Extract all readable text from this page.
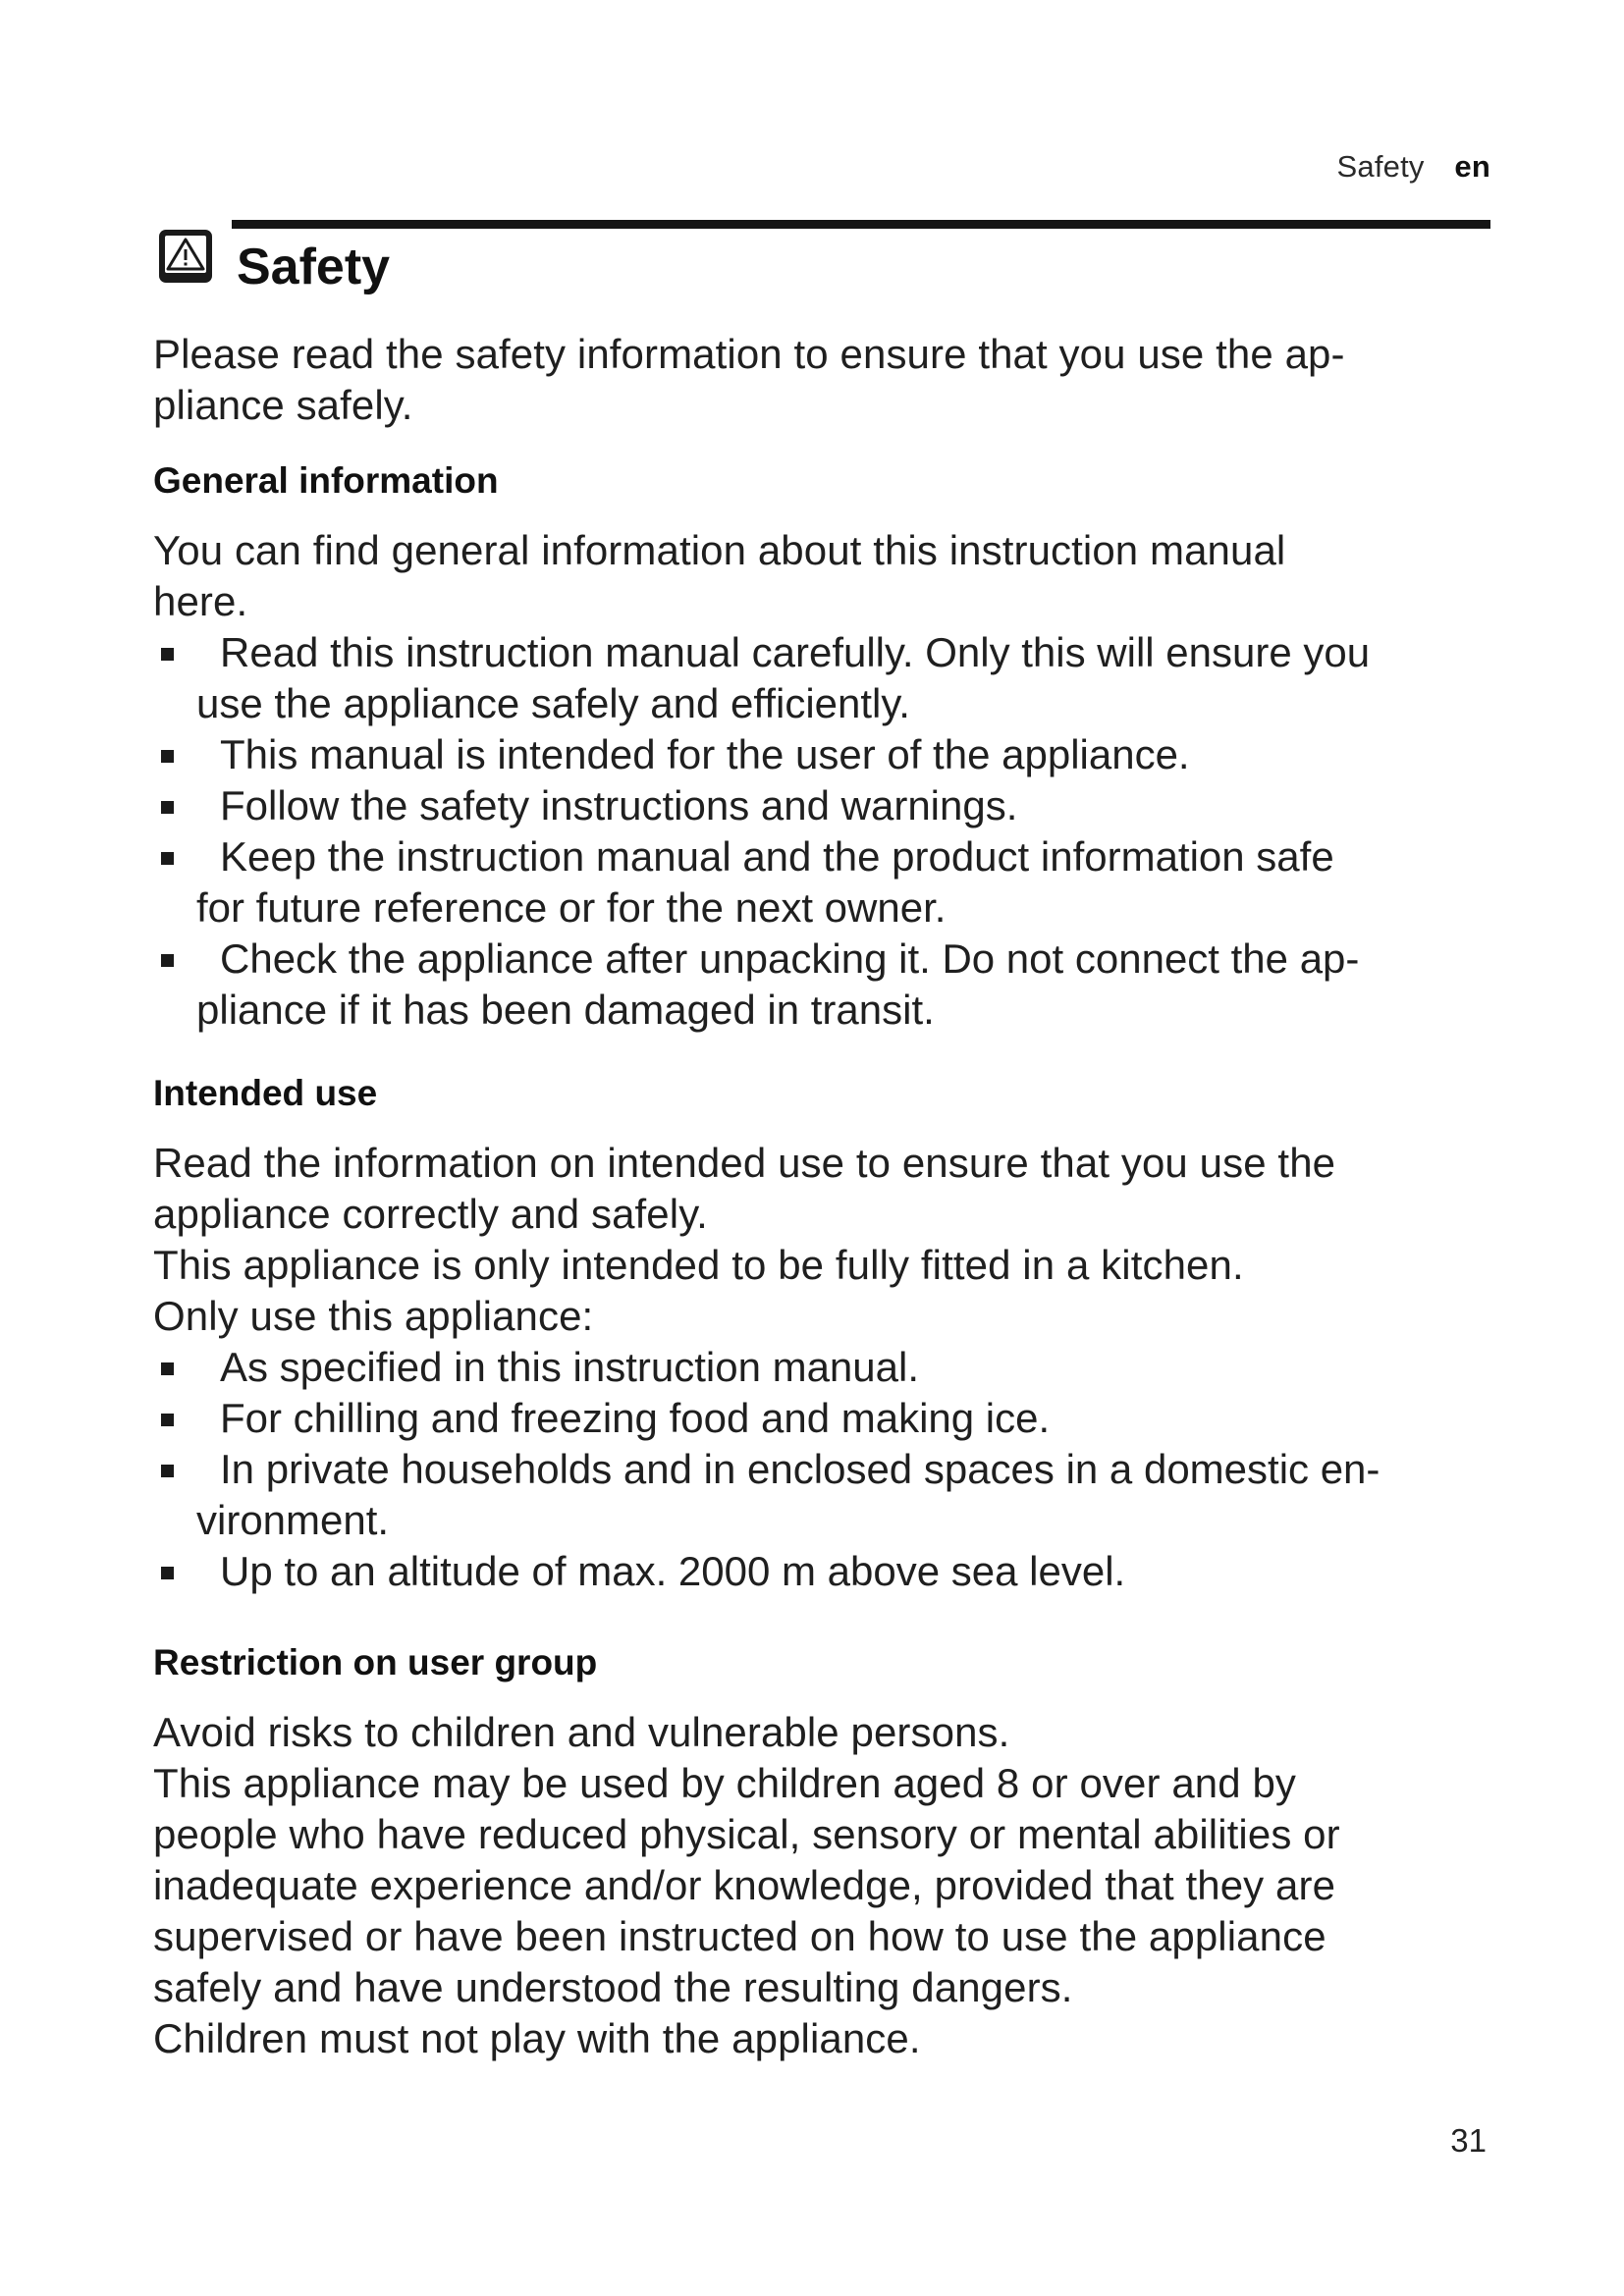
Safety en
Safety
Please read the safety information to ensure that you use the ap-
pliance safely.
General information
You can find general information about this instruction manual
here.
Read this instruction manual carefully. Only this will ensure you
use the appliance safely and efficiently.
This manual is intended for the user of the appliance.
Follow the safety instructions and warnings.
Keep the instruction manual and the product information safe
for future reference or for the next owner.
Check the appliance after unpacking it. Do not connect the ap-
pliance if it has been damaged in transit.
Intended use
Read the information on intended use to ensure that you use the
appliance correctly and safely.
This appliance is only intended to be fully fitted in a kitchen.
Only use this appliance:
As specified in this instruction manual.
For chilling and freezing food and making ice.
In private households and in enclosed spaces in a domestic en-
vironment.
Up to an altitude of max. 2000 m above sea level.
Restriction on user group
Avoid risks to children and vulnerable persons.
This appliance may be used by children aged 8 or over and by
people who have reduced physical, sensory or mental abilities or
inadequate experience and/or knowledge, provided that they are
supervised or have been instructed on how to use the appliance
safely and have understood the resulting dangers.
Children must not play with the appliance.
31
